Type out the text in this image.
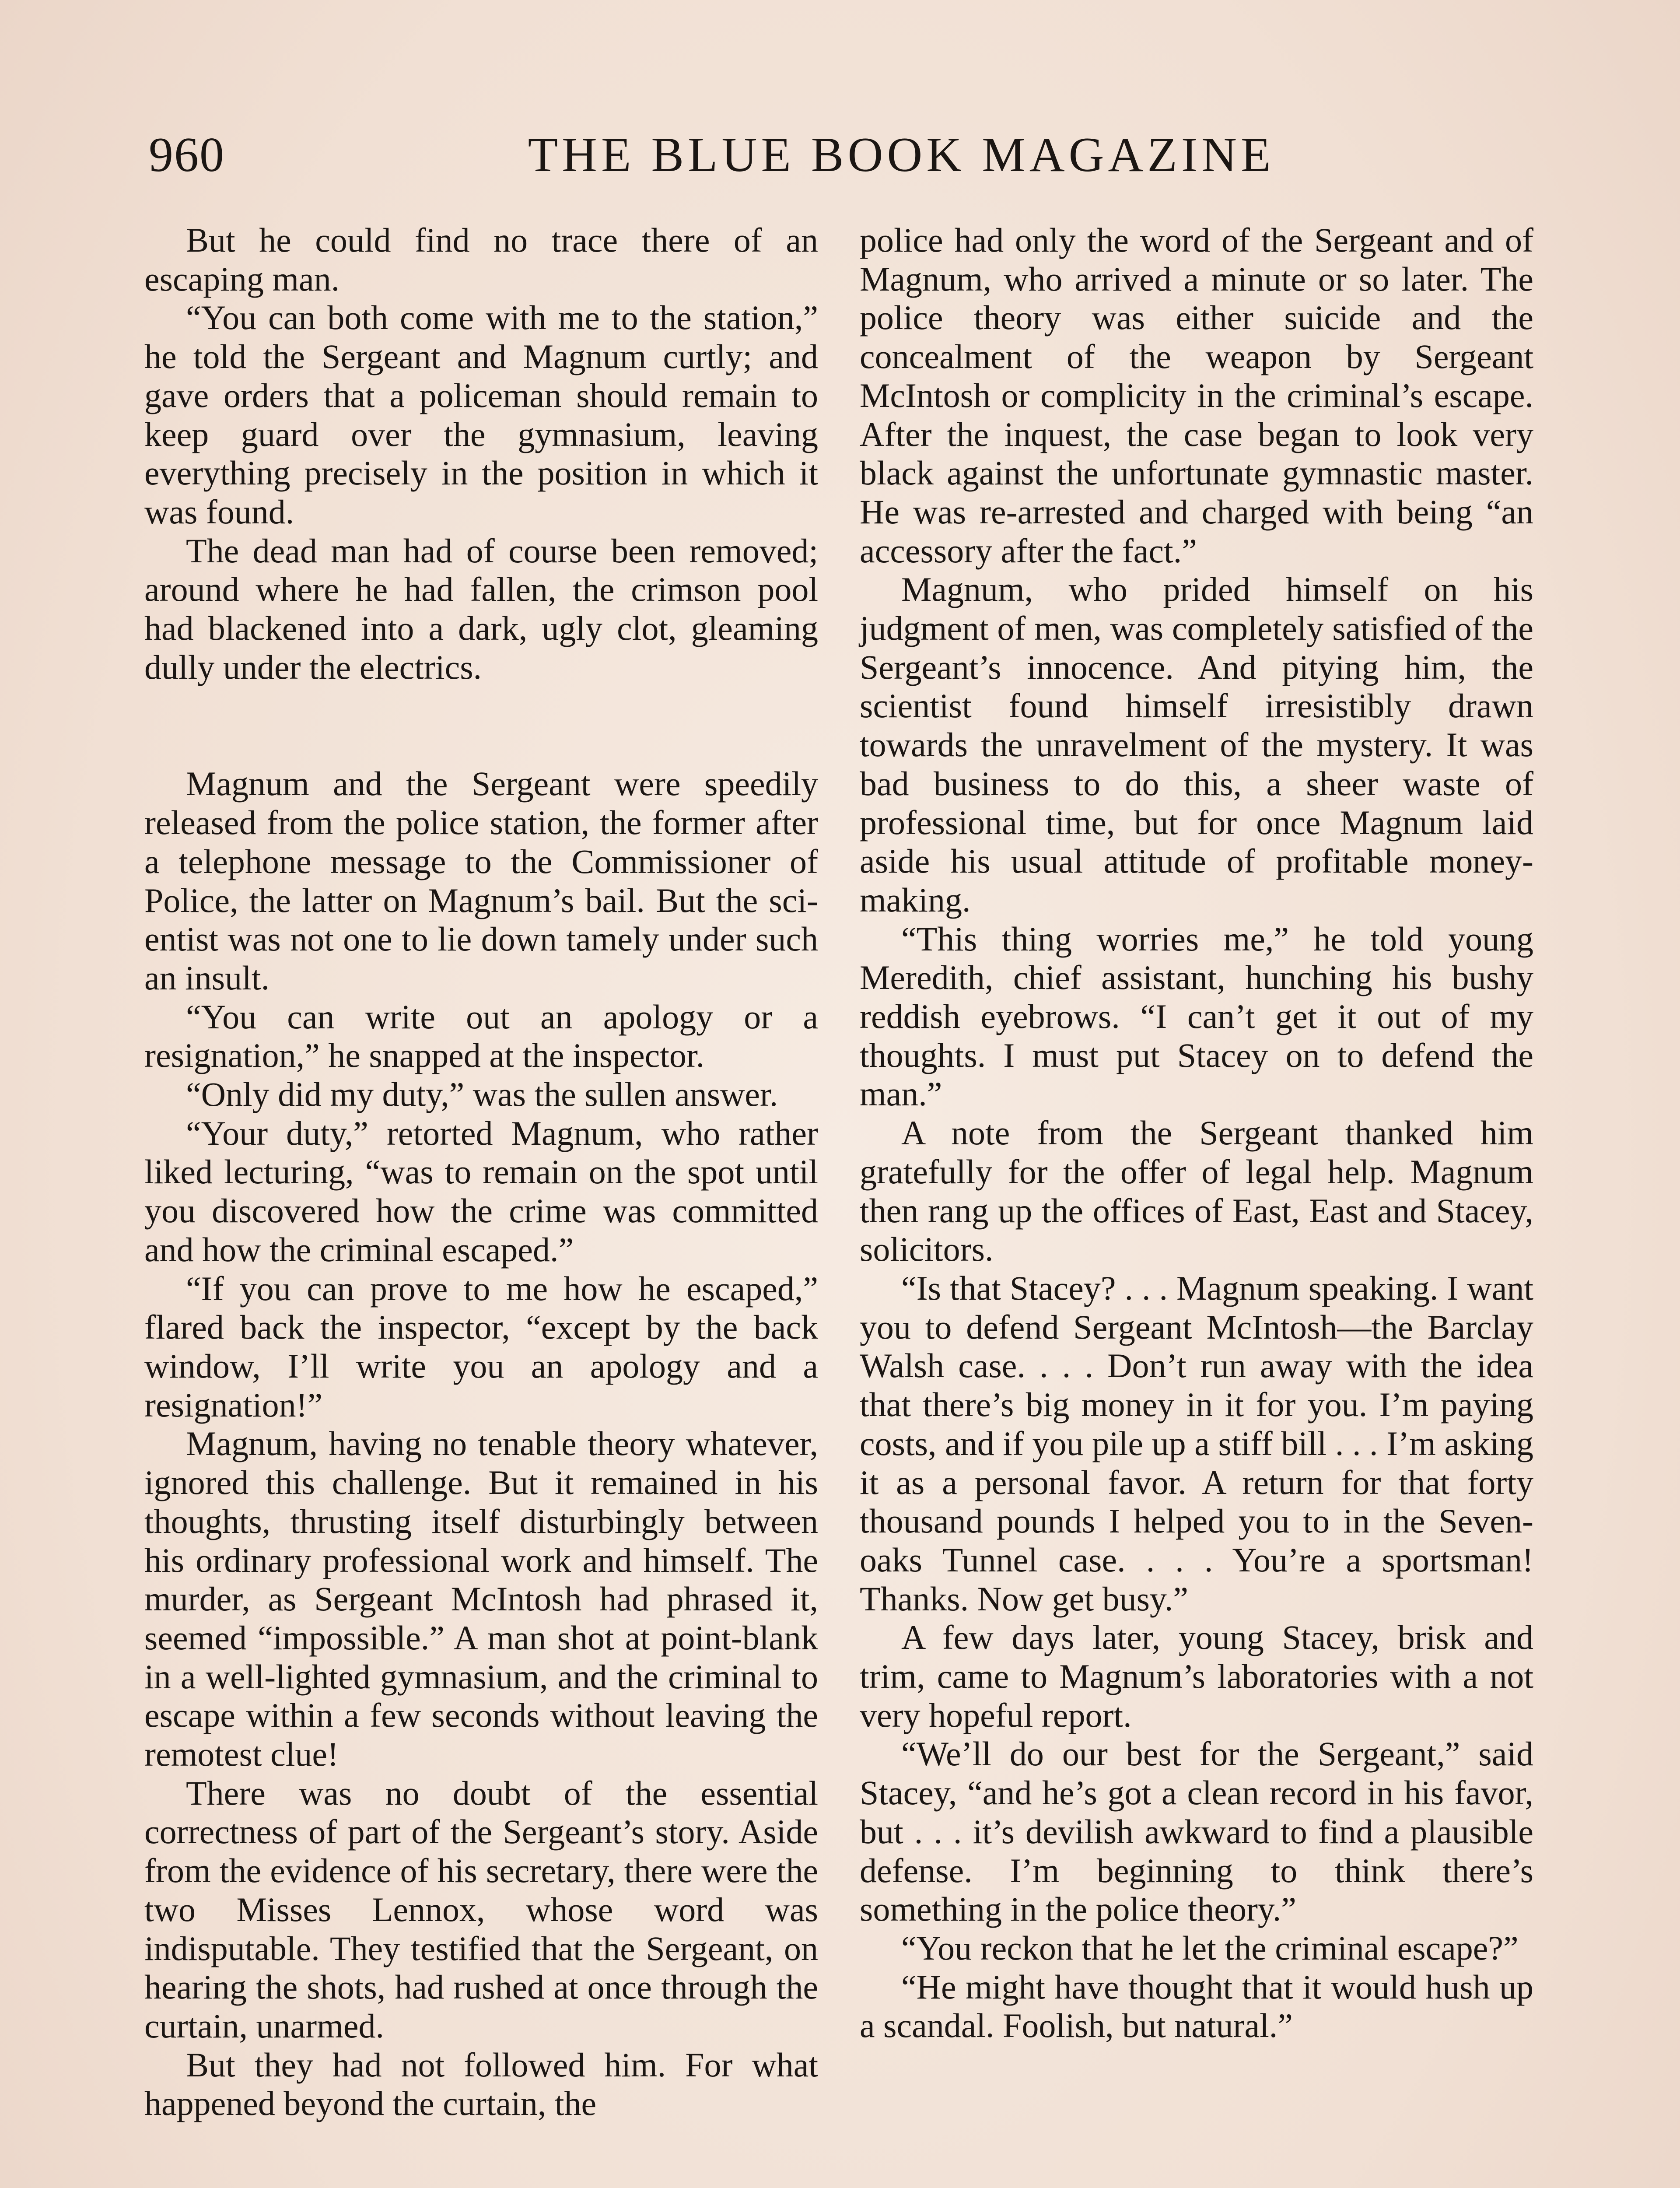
960	THE BLUE BOOK MAGAZINE

But he could find no trace there of an escaping man.

“You can both come with me to the station,” he told the Sergeant and Magnum curtly; and gave orders that a policeman should remain to keep guard over the gymnasium, leaving everything precisely in the position in which it was found.

The dead man had of course been removed; around where he had fallen, the crimson pool had blackened into a dark, ugly clot, gleaming dully under the electrics.

Magnum and the Sergeant were speedily released from the police station, the former after a telephone message to the Commissioner of Police, the latter on Magnum’s bail. But the scientist was not one to lie down tamely under such an insult.

“You can write out an apology or a resignation,” he snapped at the inspector.

“Only did my duty,” was the sullen answer.

“Your duty,” retorted Magnum, who rather liked lecturing, “was to remain on the spot until you discovered how the crime was committed and how the criminal escaped.”

“If you can prove to me how he escaped,” flared back the inspector, “except by the back window, I’ll write you an apology and a resignation!”

Magnum, having no tenable theory whatever, ignored this challenge. But it remained in his thoughts, thrusting itself disturbingly between his ordinary professional work and himself. The murder, as Sergeant McIntosh had phrased it, seemed “impossible.” A man shot at point-blank in a well-lighted gymnasium, and the criminal to escape within a few seconds without leaving the remotest clue!

There was no doubt of the essential correctness of part of the Sergeant’s story. Aside from the evidence of his secretary, there were the two Misses Lennox, whose word was indisputable. They testified that the Sergeant, on hearing the shots, had rushed at once through the curtain, unarmed.

But they had not followed him. For what happened beyond the curtain, the

police had only the word of the Sergeant and of Magnum, who arrived a minute or so later. The police theory was either suicide and the concealment of the weapon by Sergeant McIntosh or complicity in the criminal’s escape. After the inquest, the case began to look very black against the unfortunate gymnastic master. He was re-arrested and charged with being “an accessory after the fact.”

Magnum, who prided himself on his judgment of men, was completely satisfied of the Sergeant’s innocence. And pitying him, the scientist found himself irresistibly drawn towards the unravelment of the mystery. It was bad business to do this, a sheer waste of professional time, but for once Magnum laid aside his usual attitude of profitable money-making.

“This thing worries me,” he told young Meredith, chief assistant, hunching his bushy reddish eyebrows. “I can’t get it out of my thoughts. I must put Stacey on to defend the man.”

A note from the Sergeant thanked him gratefully for the offer of legal help. Magnum then rang up the offices of East, East and Stacey, solicitors.

“Is that Stacey? . . . Magnum speaking. I want you to defend Sergeant McIntosh—the Barclay Walsh case. . . . Don’t run away with the idea that there’s big money in it for you. I’m paying costs, and if you pile up a stiff bill . . . I’m asking it as a personal favor. A return for that forty thousand pounds I helped you to in the Seven-oaks Tunnel case. . . . You’re a sportsman! Thanks. Now get busy.”

A few days later, young Stacey, brisk and trim, came to Magnum’s laboratories with a not very hopeful report.

“We’ll do our best for the Sergeant,” said Stacey, “and he’s got a clean record in his favor, but . . . it’s devilish awkward to find a plausible defense. I’m beginning to think there’s something in the police theory.”

“You reckon that he let the criminal escape?”

“He might have thought that it would hush up a scandal. Foolish, but natural.”
